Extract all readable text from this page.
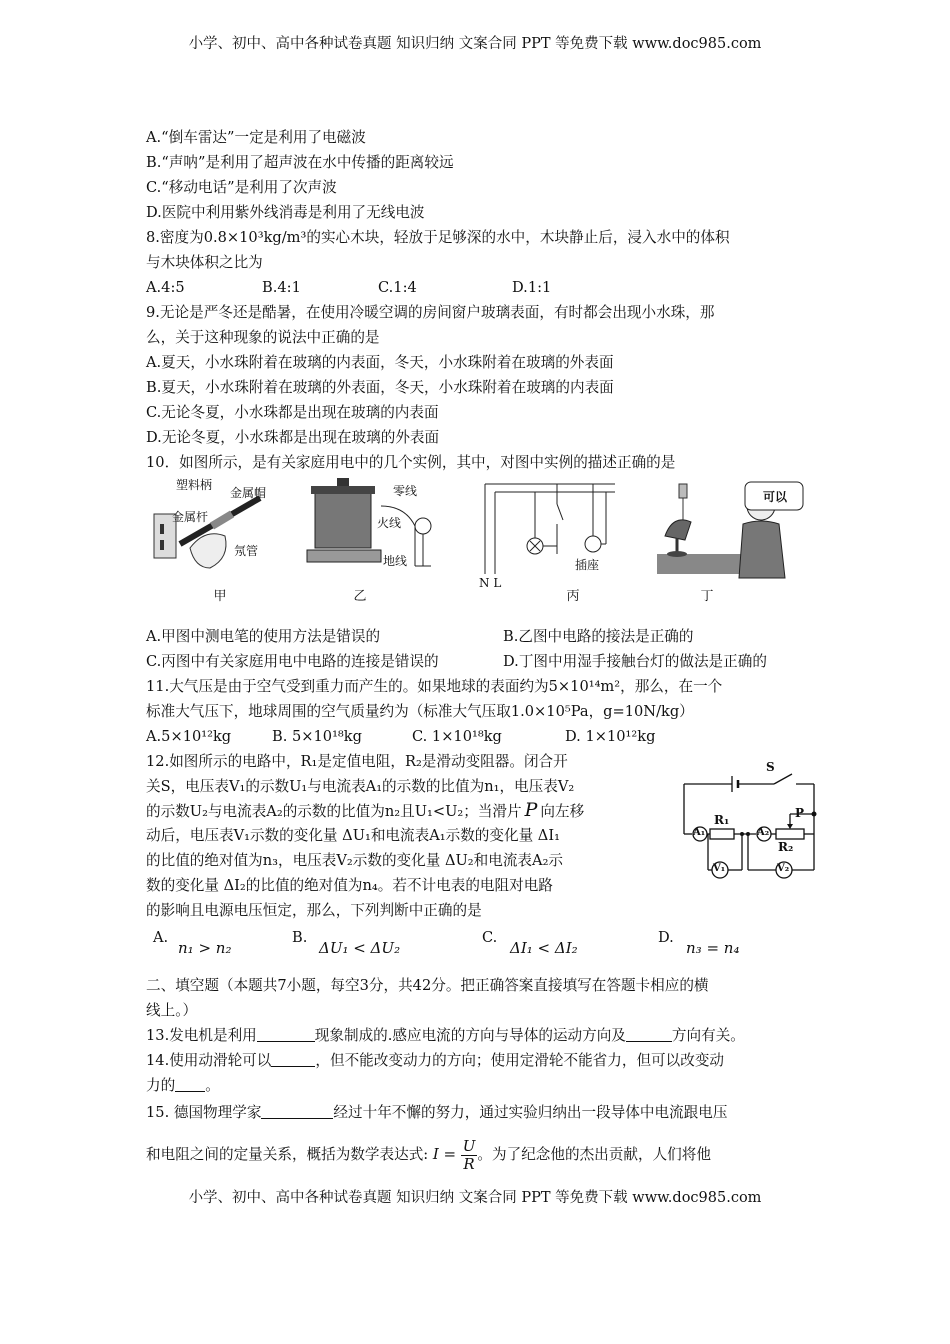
小学、初中、高中各种试卷真题 知识归纳 文案合同 PPT 等免费下载 www.doc985.com
A.“倒车雷达”一定是利用了电磁波
B.“声呐”是利用了超声波在水中传播的距离较远
C.“移动电话”是利用了次声波
D.医院中利用紫外线消毒是利用了无线电波
8.密度为0.8×10³kg/m³的实心木块，轻放于足够深的水中，木块静止后，浸入水中的体积
与木块体积之比为
A.4:5	B.4:1	C.1:4	D.1:1
9.无论是严冬还是酷暑，在使用冷暖空调的房间窗户玻璃表面，有时都会出现小水珠，那
么，关于这种现象的说法中正确的是
A.夏天，小水珠附着在玻璃的内表面，冬天，小水珠附着在玻璃的外表面
B.夏天，小水珠附着在玻璃的外表面，冬天，小水珠附着在玻璃的内表面
C.无论冬夏，小水珠都是出现在玻璃的内表面
D.无论冬夏，小水珠都是出现在玻璃的外表面
10．如图所示，是有关家庭用电中的几个实例，其中，对图中实例的描述正确的是
塑料柄
金属帽
金属杆
氖管
甲
零线
火线
地线
乙
插座
N L
丙
可以
丁
A.甲图中测电笔的使用方法是错误的	B.乙图中电路的接法是正确的
C.丙图中有关家庭用电中电路的连接是错误的	D.丁图中用湿手接触台灯的做法是正确的
11.大气压是由于空气受到重力而产生的。如果地球的表面约为5×10¹⁴m²，那么，在一个
标准大气压下，地球周围的空气质量约为（标准大气压取1.0×10⁵Pa，g=10N/kg）
A.5×10¹²kg	B. 5×10¹⁸kg	C. 1×10¹⁸kg	D. 1×10¹²kg
12.如图所示的电路中，R₁是定值电阻，R₂是滑动变阻器。闭合开
关S，电压表V₁的示数U₁与电流表A₁的示数的比值为n₁，电压表V₂
的示数U₂与电流表A₂的示数的比值为n₂且U₁<U₂；当滑片 P 向左移
动后，电压表V₁示数的变化量 ΔU₁和电流表A₁示数的变化量 ΔI₁
的比值的绝对值为n₃，电压表V₂示数的变化量 ΔU₂和电流表A₂示
数的变化量 ΔI₂的比值的绝对值为n₄。若不计电表的电阻对电路
的影响且电源电压恒定，那么，下列判断中正确的是
S
R₁	P
R₂
A₁	A₂
V₁	V₂
A.
n₁ > n₂
B.
ΔU₁ < ΔU₂
C.
ΔI₁ < ΔI₂
D.
n₃ = n₄
二、填空题（本题共7小题，每空3分，共42分。把正确答案直接填写在答题卡相应的横
线上。）
13.发电机是利用	现象制成的.感应电流的方向与导体的运动方向及	方向有关。
14.使用动滑轮可以	，但不能改变动力的方向；使用定滑轮不能省力，但可以改变动
力的 。
15. 德国物理学家	经过十年不懈的努力，通过实验归纳出一段导体中电流跟电压
和电阻之间的定量关系，概括为数学表达式: $I = \frac{U}{R}$ 。为了纪念他的杰出贡献，人们将他
小学、初中、高中各种试卷真题 知识归纳 文案合同 PPT 等免费下载 www.doc985.com
